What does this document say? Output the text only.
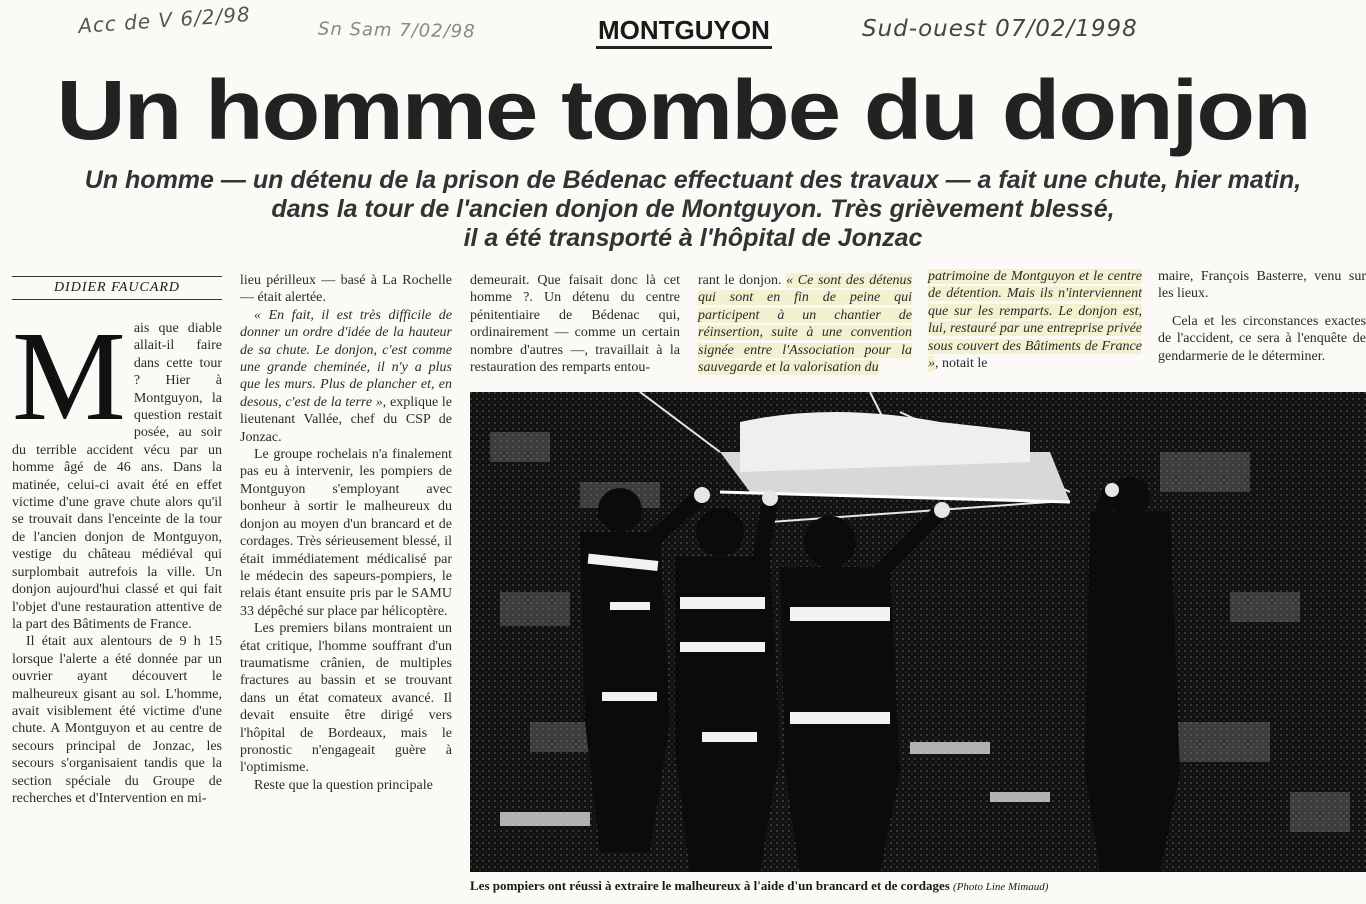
Acc de V 6/2/98	Sn Sam 7/02/98	Sud-ouest 07/02/1998
MONTGUYON
Un homme tombe du donjon
Un homme — un détenu de la prison de Bédenac effectuant des travaux — a fait une chute, hier matin,
dans la tour de l'ancien donjon de Montguyon. Très grièvement blessé,
il a été transporté à l'hôpital de Jonzac
DIDIER FAUCARD
M ais que diable allait-il faire dans cette tour ? Hier à Montguyon, la question restait posée, au soir du terrible accident vécu par un homme âgé de 46 ans. Dans la matinée, celui-ci avait été en effet victime d'une grave chute alors qu'il se trouvait dans l'enceinte de la tour de l'ancien donjon de Montguyon, vestige du château médiéval qui surplombait autrefois la ville. Un donjon aujourd'hui classé et qui fait l'objet d'une restauration attentive de la part des Bâtiments de France.

Il était aux alentours de 9 h 15 lorsque l'alerte a été donnée par un ouvrier ayant découvert le malheureux gisant au sol. L'homme, avait visiblement été victime d'une chute. A Montguyon et au centre de secours principal de Jonzac, les secours s'organisaient tandis que la section spéciale du Groupe de recherches et d'Intervention en mi-

lieu périlleux — basé à La Rochelle — était alertée.

« En fait, il est très difficile de donner un ordre d'idée de la hauteur de sa chute. Le donjon, c'est comme une grande cheminée, il n'y a plus que les murs. Plus de plancher et, en desous, c'est de la terre », explique le lieutenant Vallée, chef du CSP de Jonzac.

Le groupe rochelais n'a finalement pas eu à intervenir, les pompiers de Montguyon s'employant avec bonheur à sortir le malheureux du donjon au moyen d'un brancard et de cordages. Très sérieusement blessé, il était immédiatement médicalisé par le médecin des sapeurs-pompiers, le relais étant ensuite pris par le SAMU 33 dépêché sur place par hélicoptère.

Les premiers bilans montraient un état critique, l'homme souffrant d'un traumatisme crânien, de multiples fractures au bassin et se trouvant dans un état comateux avancé. Il devait ensuite être dirigé vers l'hôpital de Bordeaux, mais le pronostic n'engageait guère à l'optimisme.

Reste que la question principale

demeurait. Que faisait donc là cet homme ?. Un détenu du centre pénitentiaire de Bédenac qui, ordinairement — comme un certain nombre d'autres —, travaillait à la restauration des remparts entou-

rant le donjon. « Ce sont des détenus qui sont en fin de peine qui participent à un chantier de réinsertion, suite à une convention signée entre l'Association pour la sauvegarde et la valorisation du

patrimoine de Montguyon et le centre de détention. Mais ils n'interviennent que sur les remparts. Le donjon est, lui, restauré par une entreprise privée sous couvert des Bâtiments de France », notait le

maire, François Basterre, venu sur les lieux.

Cela et les circonstances exactes de l'accident, ce sera à l'enquête de gendarmerie de le déterminer.

Les pompiers ont réussi à extraire le malheureux à l'aide d'un brancard et de cordages (Photo Line Mimaud)
